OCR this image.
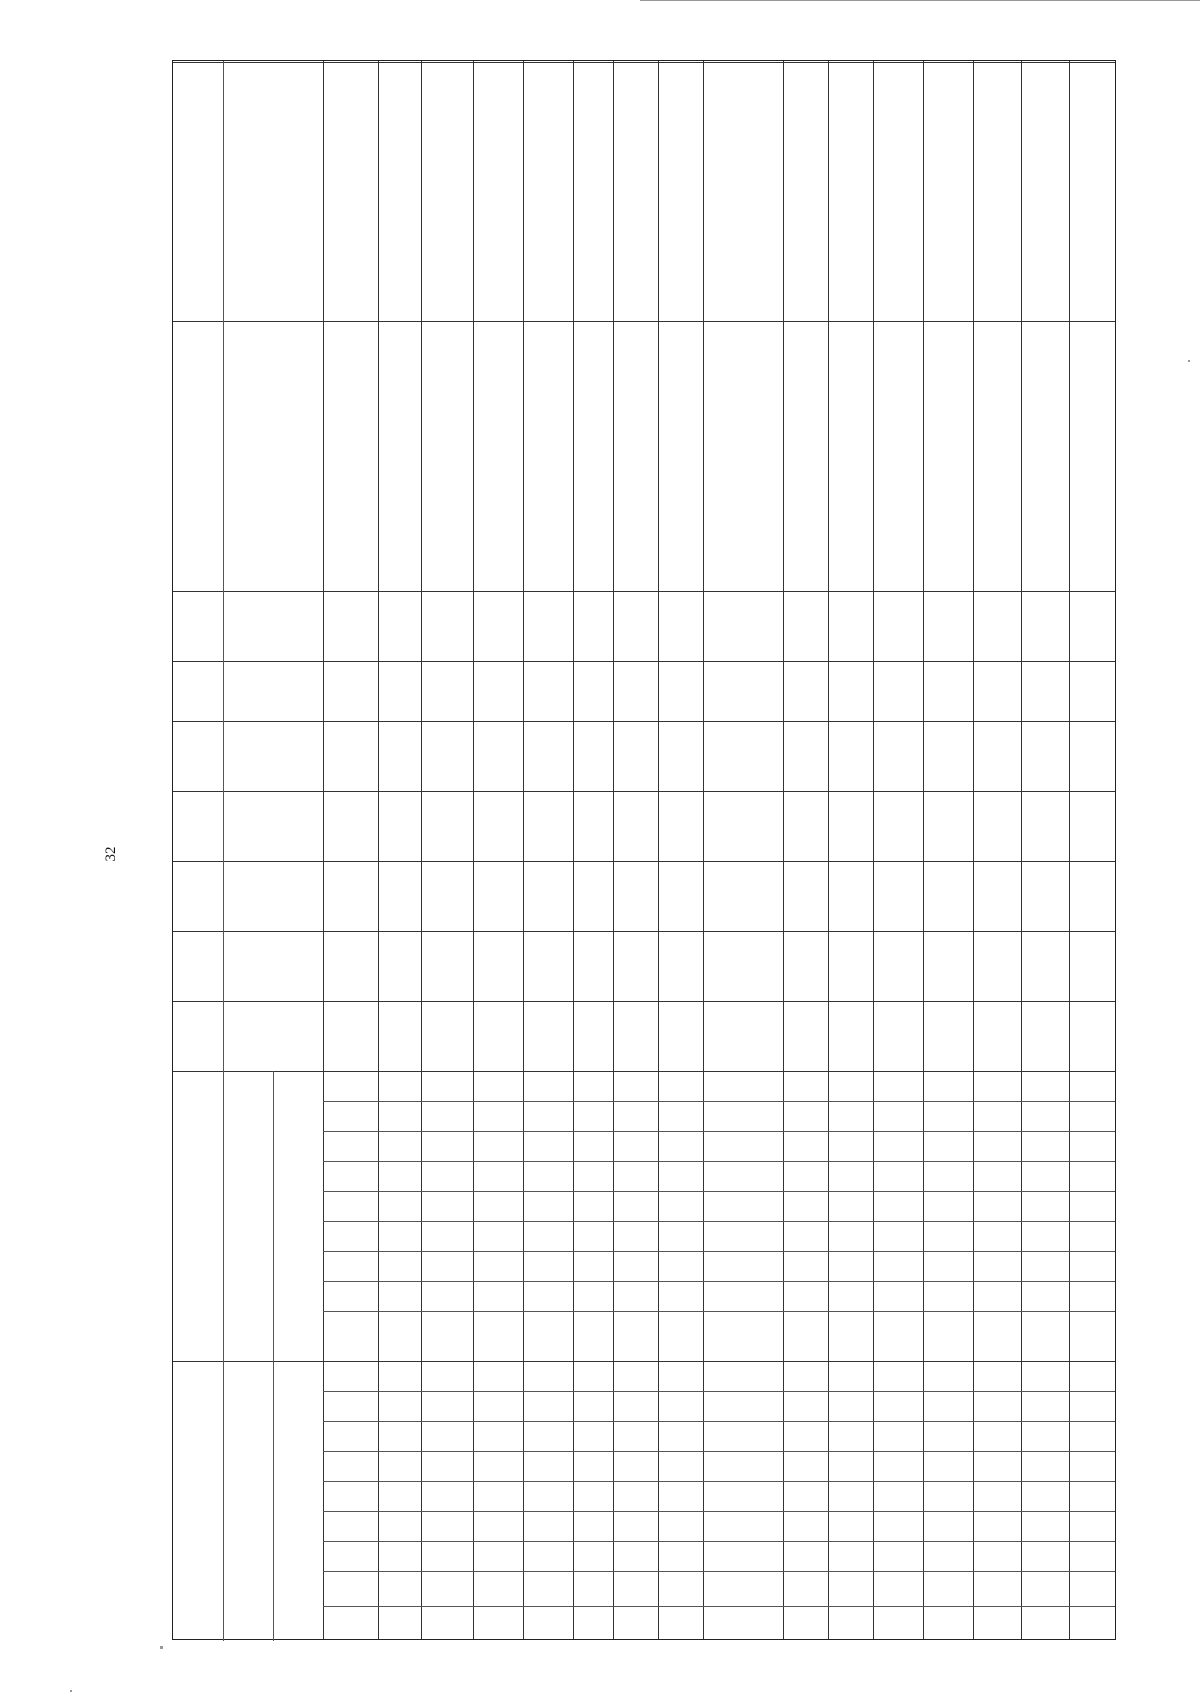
32
